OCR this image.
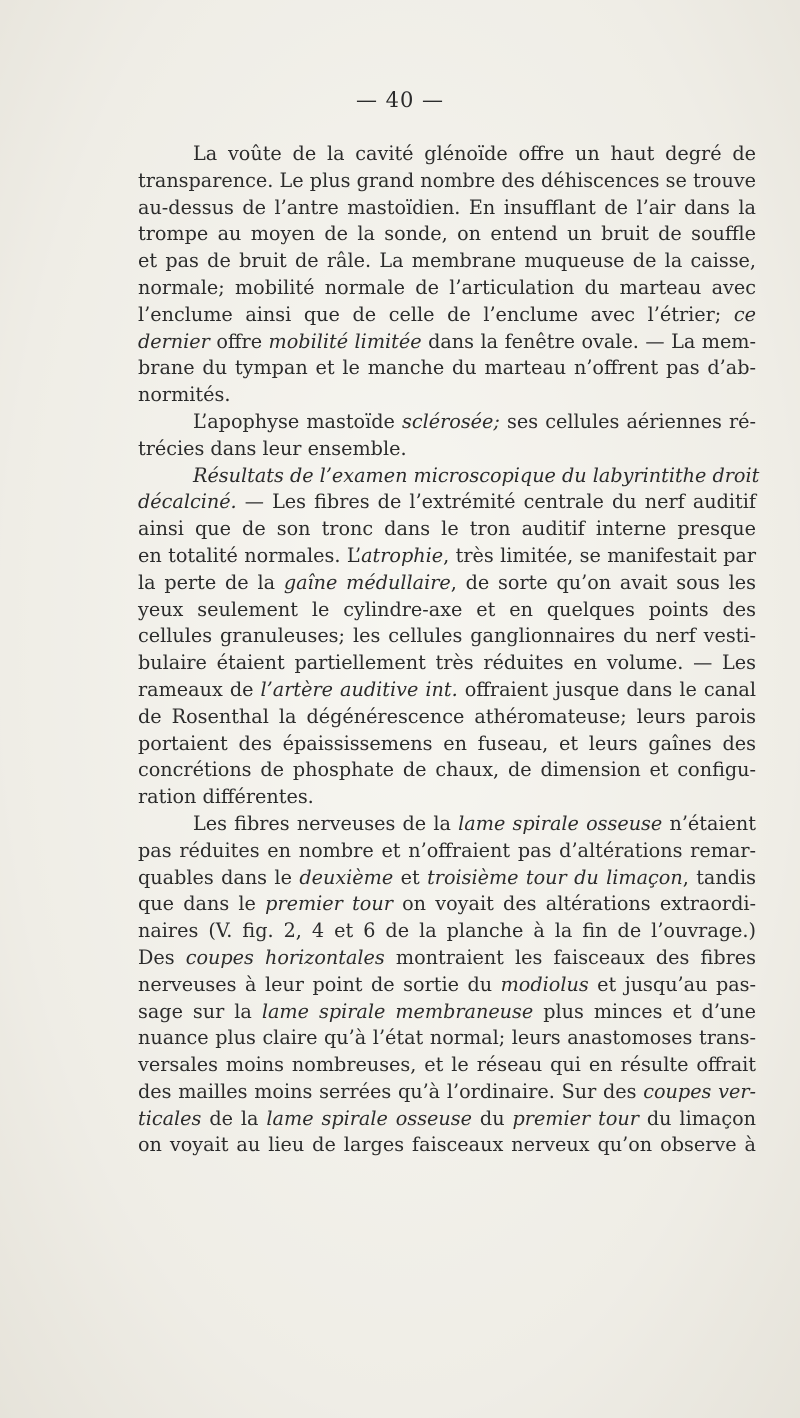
— 40 —
La voûte de la cavité glénoïde offre un haut degré de
transparence. Le plus grand nombre des déhiscences se trouve
au-dessus de l’antre mastoïdien. En insufflant de l’air dans la
trompe au moyen de la sonde, on entend un bruit de souffle
et pas de bruit de râle. La membrane muqueuse de la caisse,
normale; mobilité normale de l’articulation du marteau avec
l’enclume ainsi que de celle de l’enclume avec l’étrier; ce
dernier offre mobilité limitée dans la fenêtre ovale. — La mem-
brane du tympan et le manche du marteau n’offrent pas d’ab-
normités.
L’apophyse mastoïde sclérosée; ses cellules aériennes ré-
trécies dans leur ensemble.
Résultats de l’examen microscopique du labyrintithe droit
décalciné. — Les fibres de l’extrémité centrale du nerf auditif
ainsi que de son tronc dans le tron auditif interne presque
en totalité normales. L’atrophie, très limitée, se manifestait par
la perte de la gaîne médullaire, de sorte qu’on avait sous les
yeux seulement le cylindre-axe et en quelques points des
cellules granuleuses; les cellules ganglionnaires du nerf vesti-
bulaire étaient partiellement très réduites en volume. — Les
rameaux de l’artère auditive int. offraient jusque dans le canal
de Rosenthal la dégénérescence athéromateuse; leurs parois
portaient des épaississemens en fuseau, et leurs gaînes des
concrétions de phosphate de chaux, de dimension et configu-
ration différentes.
Les fibres nerveuses de la lame spirale osseuse n’étaient
pas réduites en nombre et n’offraient pas d’altérations remar-
quables dans le deuxième et troisième tour du limaçon, tandis
que dans le premier tour on voyait des altérations extraordi-
naires (V. fig. 2, 4 et 6 de la planche à la fin de l’ouvrage.)
Des coupes horizontales montraient les faisceaux des fibres
nerveuses à leur point de sortie du modiolus et jusqu’au pas-
sage sur la lame spirale membraneuse plus minces et d’une
nuance plus claire qu’à l’état normal; leurs anastomoses trans-
versales moins nombreuses, et le réseau qui en résulte offrait
des mailles moins serrées qu’à l’ordinaire. Sur des coupes ver-
ticales de la lame spirale osseuse du premier tour du limaçon
on voyait au lieu de larges faisceaux nerveux qu’on observe à
